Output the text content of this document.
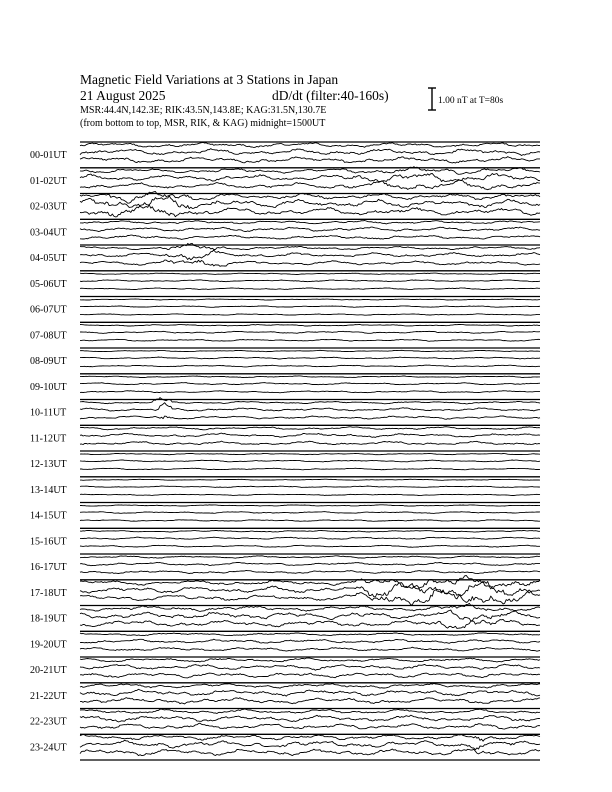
Magnetic Field Variations at 3 Stations in Japan
21 August 2025	dD/dt (filter:40-160s)
MSR:44.4N,142.3E; RIK:43.5N,143.8E; KAG:31.5N,130.7E
(from bottom to top, MSR, RIK, & KAG) midnight=1500UT
1.00 nT at T=80s
00-01UT
01-02UT
02-03UT
03-04UT
04-05UT
05-06UT
06-07UT
07-08UT
08-09UT
09-10UT
10-11UT
11-12UT
12-13UT
13-14UT
14-15UT
15-16UT
16-17UT
17-18UT
18-19UT
19-20UT
20-21UT
21-22UT
22-23UT
23-24UT
